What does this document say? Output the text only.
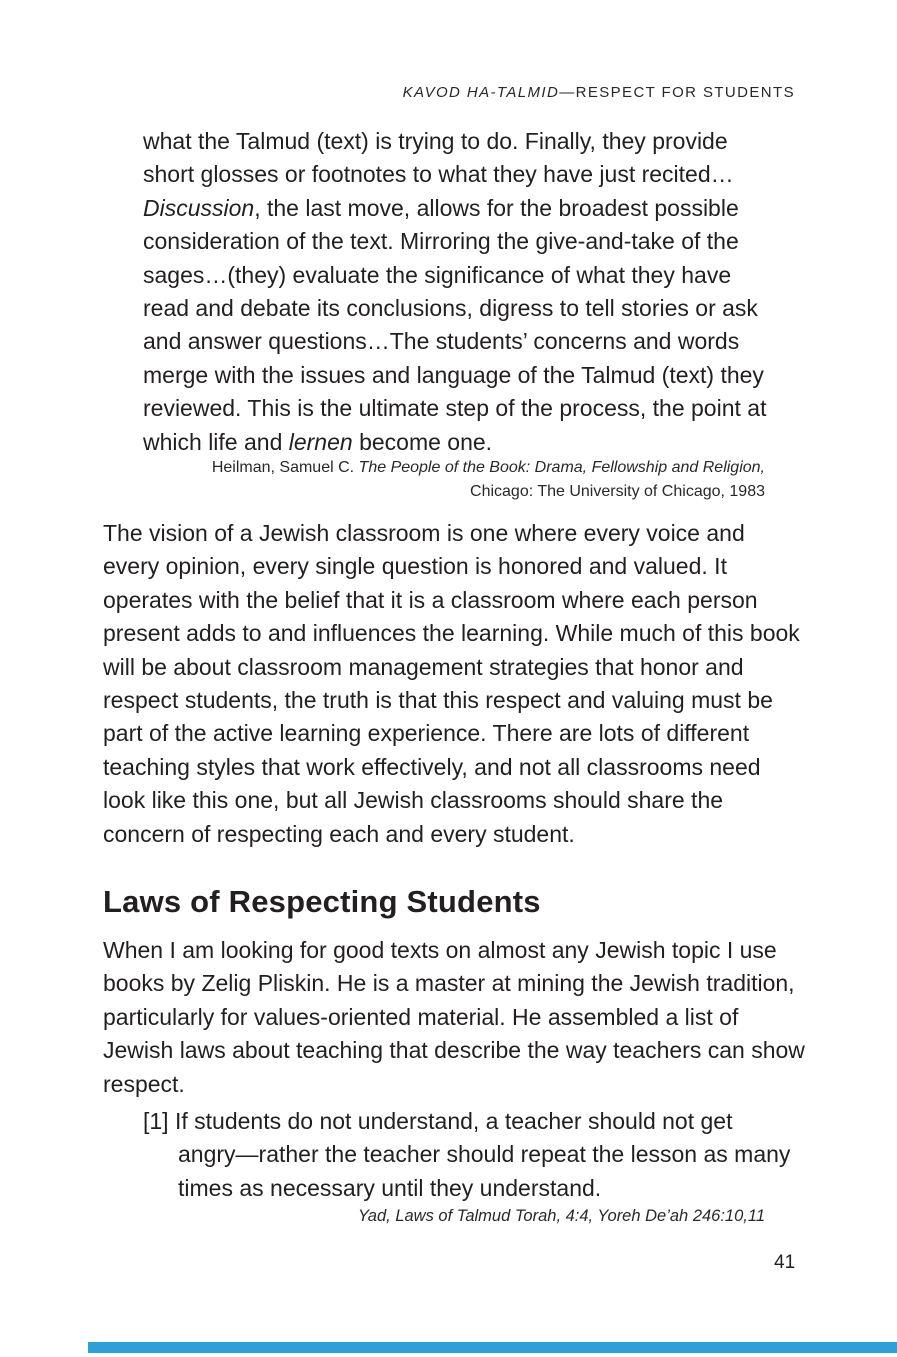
KAVOD HA-TALMID—RESPECT FOR STUDENTS
what the Talmud (text) is trying to do. Finally, they provide short glosses or footnotes to what they have just recited…Discussion, the last move, allows for the broadest possible consideration of the text. Mirroring the give-and-take of the sages…(they) evaluate the significance of what they have read and debate its conclusions, digress to tell stories or ask and answer questions…The students’ concerns and words merge with the issues and language of the Talmud (text) they reviewed. This is the ultimate step of the process, the point at which life and lernen become one.
Heilman, Samuel C. The People of the Book: Drama, Fellowship and Religion, Chicago: The University of Chicago, 1983
The vision of a Jewish classroom is one where every voice and every opinion, every single question is honored and valued. It operates with the belief that it is a classroom where each person present adds to and influences the learning. While much of this book will be about classroom management strategies that honor and respect students, the truth is that this respect and valuing must be part of the active learning experience. There are lots of different teaching styles that work effectively, and not all classrooms need look like this one, but all Jewish classrooms should share the concern of respecting each and every student.
Laws of Respecting Students
When I am looking for good texts on almost any Jewish topic I use books by Zelig Pliskin. He is a master at mining the Jewish tradition, particularly for values-oriented material. He assembled a list of Jewish laws about teaching that describe the way teachers can show respect.
[1] If students do not understand, a teacher should not get angry—rather the teacher should repeat the lesson as many times as necessary until they understand.
Yad, Laws of Talmud Torah, 4:4, Yoreh De’ah 246:10,11
41
